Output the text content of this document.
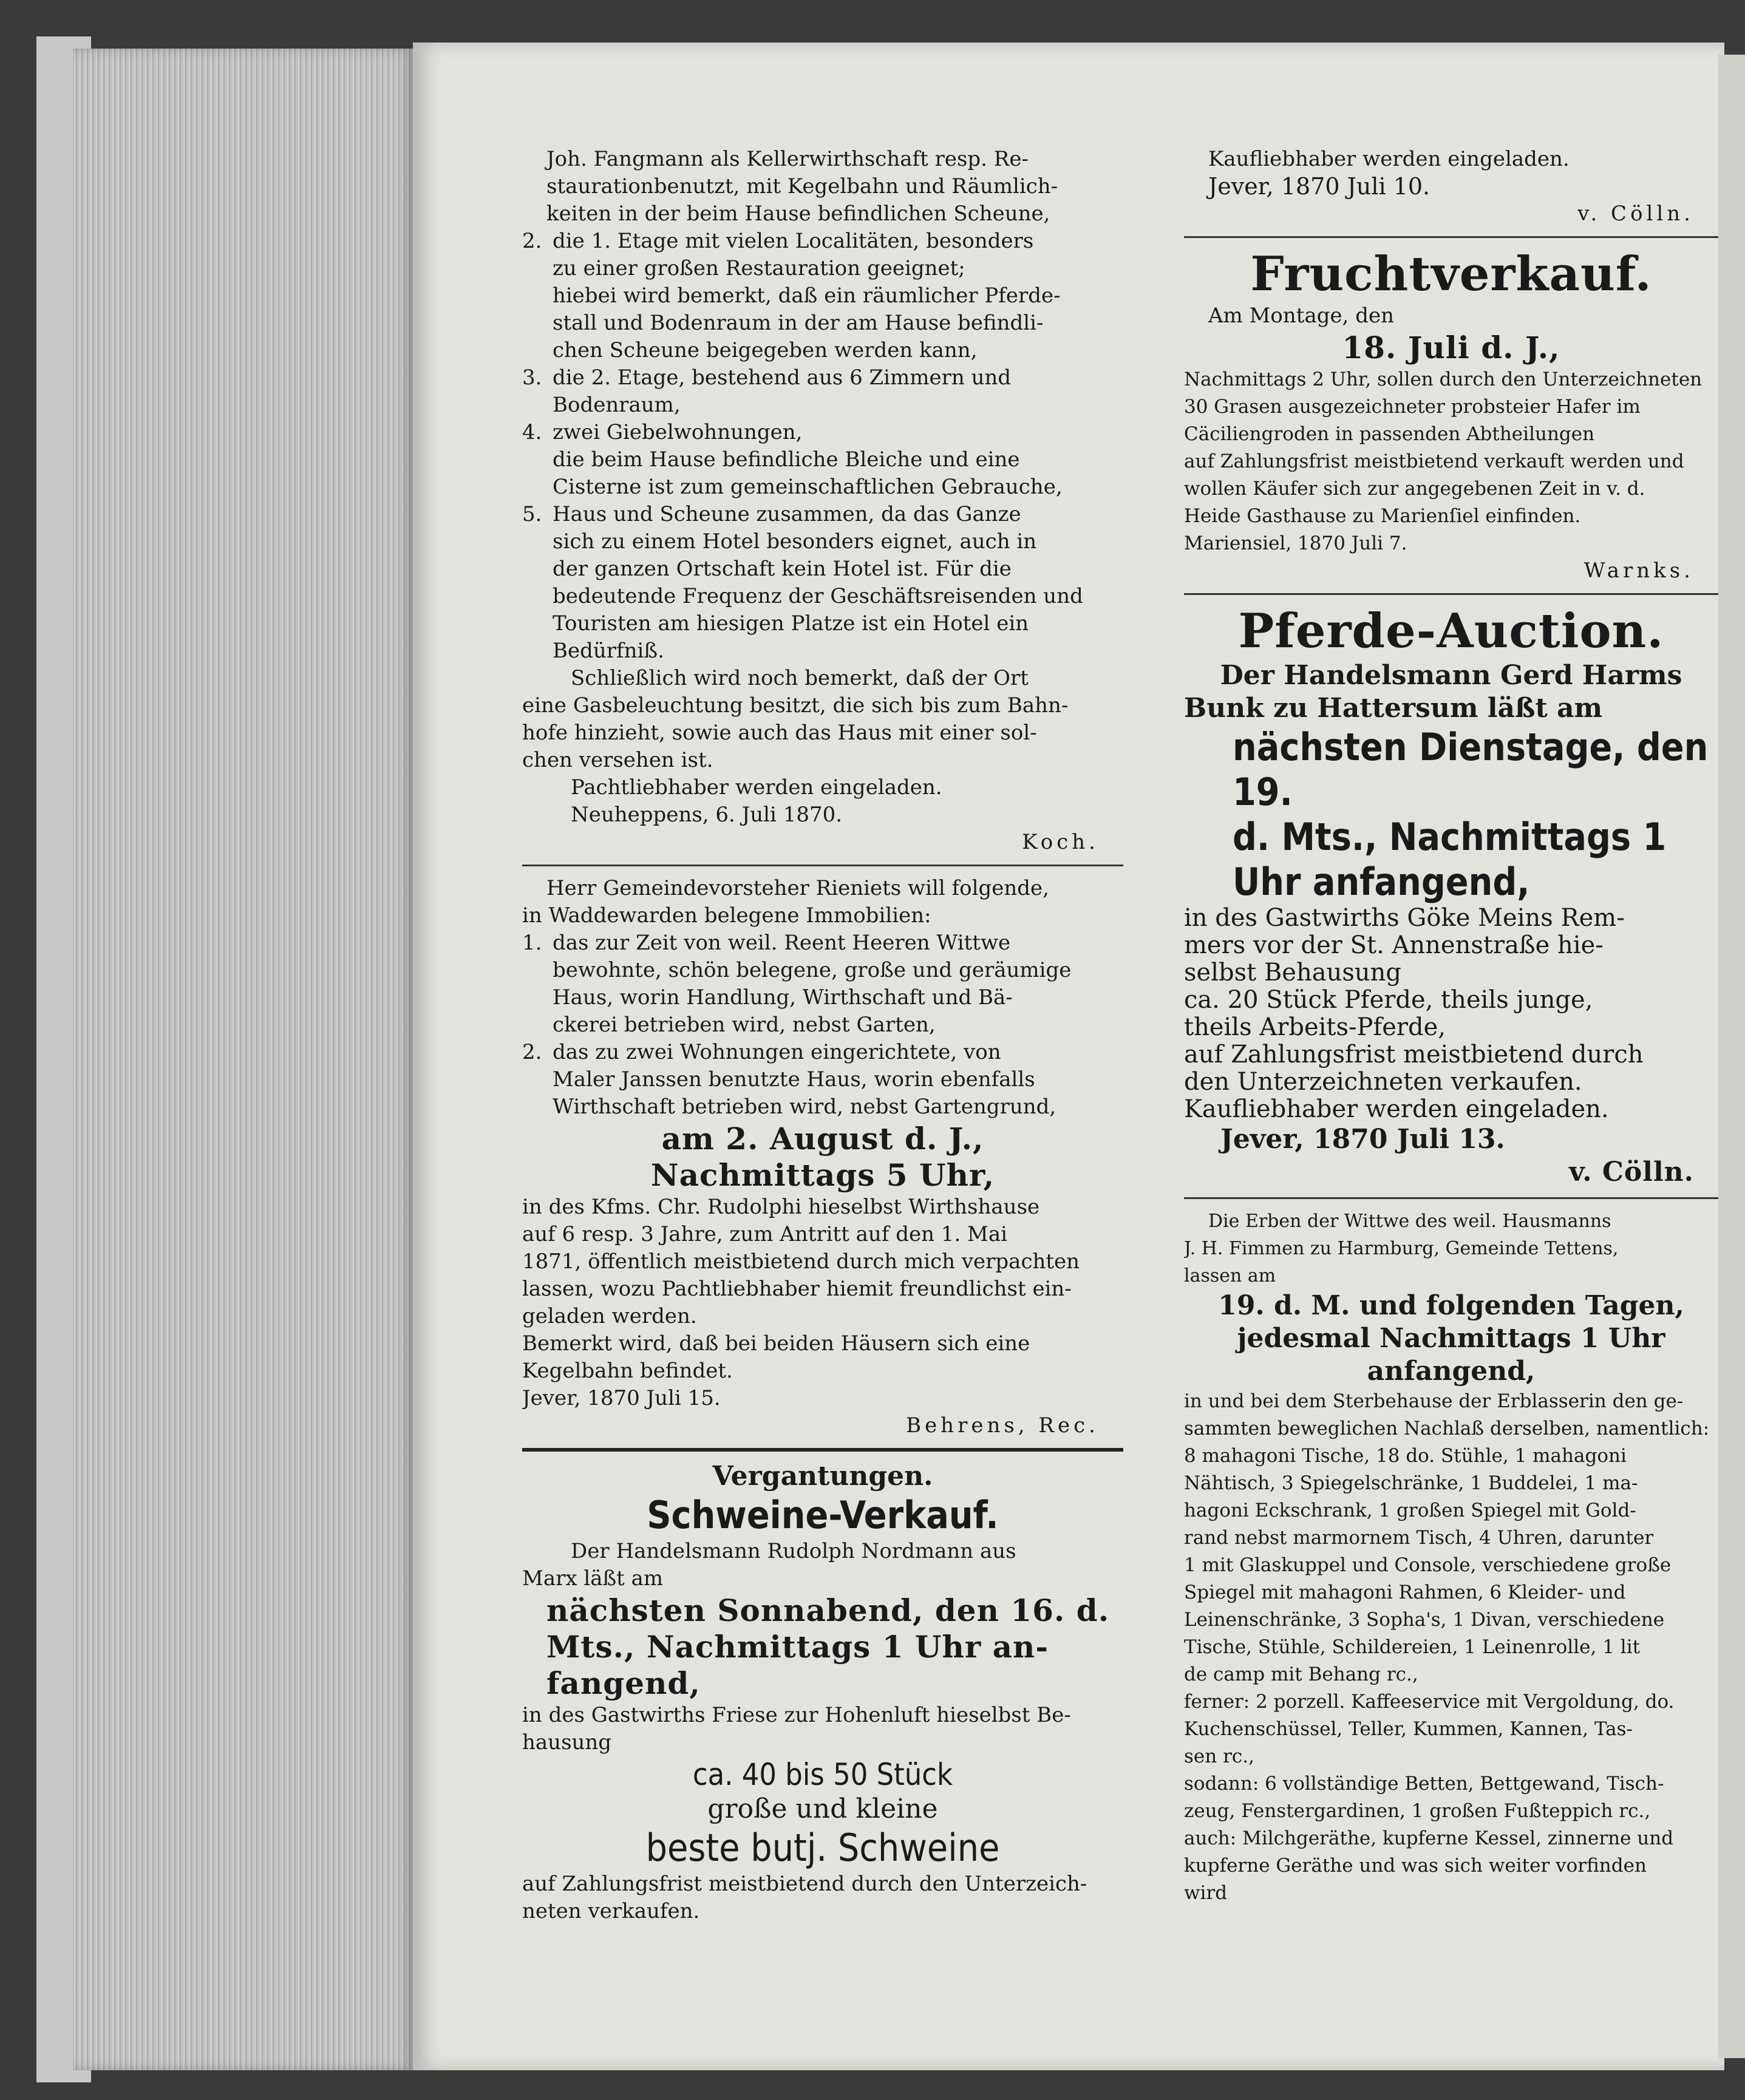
Joh. Fangmann als Kellerwirthschaft resp. Re-
staurationbenutzt, mit Kegelbahn und Räumlich-
keiten in der beim Hause befindlichen Scheune,
2. die 1. Etage mit vielen Localitäten, besonders
zu einer großen Restauration geeignet;
hiebei wird bemerkt, daß ein räumlicher Pferde-
stall und Bodenraum in der am Hause befindli-
chen Scheune beigegeben werden kann,
3. die 2. Etage, bestehend aus 6 Zimmern und
Bodenraum,
4. zwei Giebelwohnungen,
die beim Hause befindliche Bleiche und eine
Cisterne ist zum gemeinschaftlichen Gebrauche,
5. Haus und Scheune zusammen, da das Ganze
sich zu einem Hotel besonders eignet, auch in
der ganzen Ortschaft kein Hotel ist. Für die
bedeutende Frequenz der Geschäftsreisenden und
Touristen am hiesigen Platze ist ein Hotel ein
Bedürfniß.
Schließlich wird noch bemerkt, daß der Ort
eine Gasbeleuchtung besitzt, die sich bis zum Bahn-
hofe hinzieht, sowie auch das Haus mit einer sol-
chen versehen ist.
Pachtliebhaber werden eingeladen.
Neuheppens, 6. Juli 1870.
Koch.
Herr Gemeindevorsteher Rieniets will folgende,
in Waddewarden belegene Immobilien:
1. das zur Zeit von weil. Reent Heeren Wittwe
bewohnte, schön belegene, große und geräumige
Haus, worin Handlung, Wirthschaft und Bä-
ckerei betrieben wird, nebst Garten,
2. das zu zwei Wohnungen eingerichtete, von
Maler Janssen benutzte Haus, worin ebenfalls
Wirthschaft betrieben wird, nebst Gartengrund,
am 2. August d. J.,
Nachmittags 5 Uhr,
in des Kfms. Chr. Rudolphi hieselbst Wirthshause
auf 6 resp. 3 Jahre, zum Antritt auf den 1. Mai
1871, öffentlich meistbietend durch mich verpachten
lassen, wozu Pachtliebhaber hiemit freundlichst ein-
geladen werden.
Bemerkt wird, daß bei beiden Häusern sich eine
Kegelbahn befindet.
Jever, 1870 Juli 15.
Behrens, Rec.
Vergantungen.
Schweine-Verkauf.
Der Handelsmann Rudolph Nordmann aus
Marx läßt am
nächsten Sonnabend, den 16. d.
Mts., Nachmittags 1 Uhr an-
fangend,
in des Gastwirths Friese zur Hohenluft hieselbst Be-
hausung
ca. 40 bis 50 Stück
große und kleine
beste butj. Schweine
auf Zahlungsfrist meistbietend durch den Unterzeich-
neten verkaufen.
Kaufliebhaber werden eingeladen.
Jever, 1870 Juli 10.
v. Cölln.
Fruchtverkauf.
Am Montage, den
18. Juli d. J.,
Nachmittags 2 Uhr, sollen durch den Unterzeichneten
30 Grasen ausgezeichneter probsteier Hafer im
Cäciliengroden in passenden Abtheilungen
auf Zahlungsfrist meistbietend verkauft werden und
wollen Käufer sich zur angegebenen Zeit in v. d.
Heide Gasthause zu Marienſiel einfinden.
Mariensiel, 1870 Juli 7.
Warnks.
Pferde-Auction.
Der Handelsmann Gerd Harms
Bunk zu Hattersum läßt am
nächsten Dienstage, den 19.
d. Mts., Nachmittags 1
Uhr anfangend,
in des Gastwirths Göke Meins Rem-
mers vor der St. Annenstraße hie-
selbst Behausung
ca. 20 Stück Pferde, theils junge,
theils Arbeits-Pferde,
auf Zahlungsfrist meistbietend durch
den Unterzeichneten verkaufen.
Kaufliebhaber werden eingeladen.
Jever, 1870 Juli 13.
v. Cölln.
Die Erben der Wittwe des weil. Hausmanns
J. H. Fimmen zu Harmburg, Gemeinde Tettens,
lassen am
19. d. M. und folgenden Tagen,
jedesmal Nachmittags 1 Uhr
anfangend,
in und bei dem Sterbehause der Erblasserin den ge-
sammten beweglichen Nachlaß derselben, namentlich:
8 mahagoni Tische, 18 do. Stühle, 1 mahagoni
Nähtisch, 3 Spiegelschränke, 1 Buddelei, 1 ma-
hagoni Eckschrank, 1 großen Spiegel mit Gold-
rand nebst marmornem Tisch, 4 Uhren, darunter
1 mit Glaskuppel und Console, verschiedene große
Spiegel mit mahagoni Rahmen, 6 Kleider- und
Leinenschränke, 3 Sopha's, 1 Divan, verschiedene
Tische, Stühle, Schildereien, 1 Leinenrolle, 1 lit
de camp mit Behang rc.,
ferner: 2 porzell. Kaffeeservice mit Vergoldung, do.
Kuchenschüssel, Teller, Kummen, Kannen, Tas-
sen rc.,
sodann: 6 vollständige Betten, Bettgewand, Tisch-
zeug, Fenstergardinen, 1 großen Fußteppich rc.,
auch: Milchgeräthe, kupferne Kessel, zinnerne und
kupferne Geräthe und was sich weiter vorfinden
wird
